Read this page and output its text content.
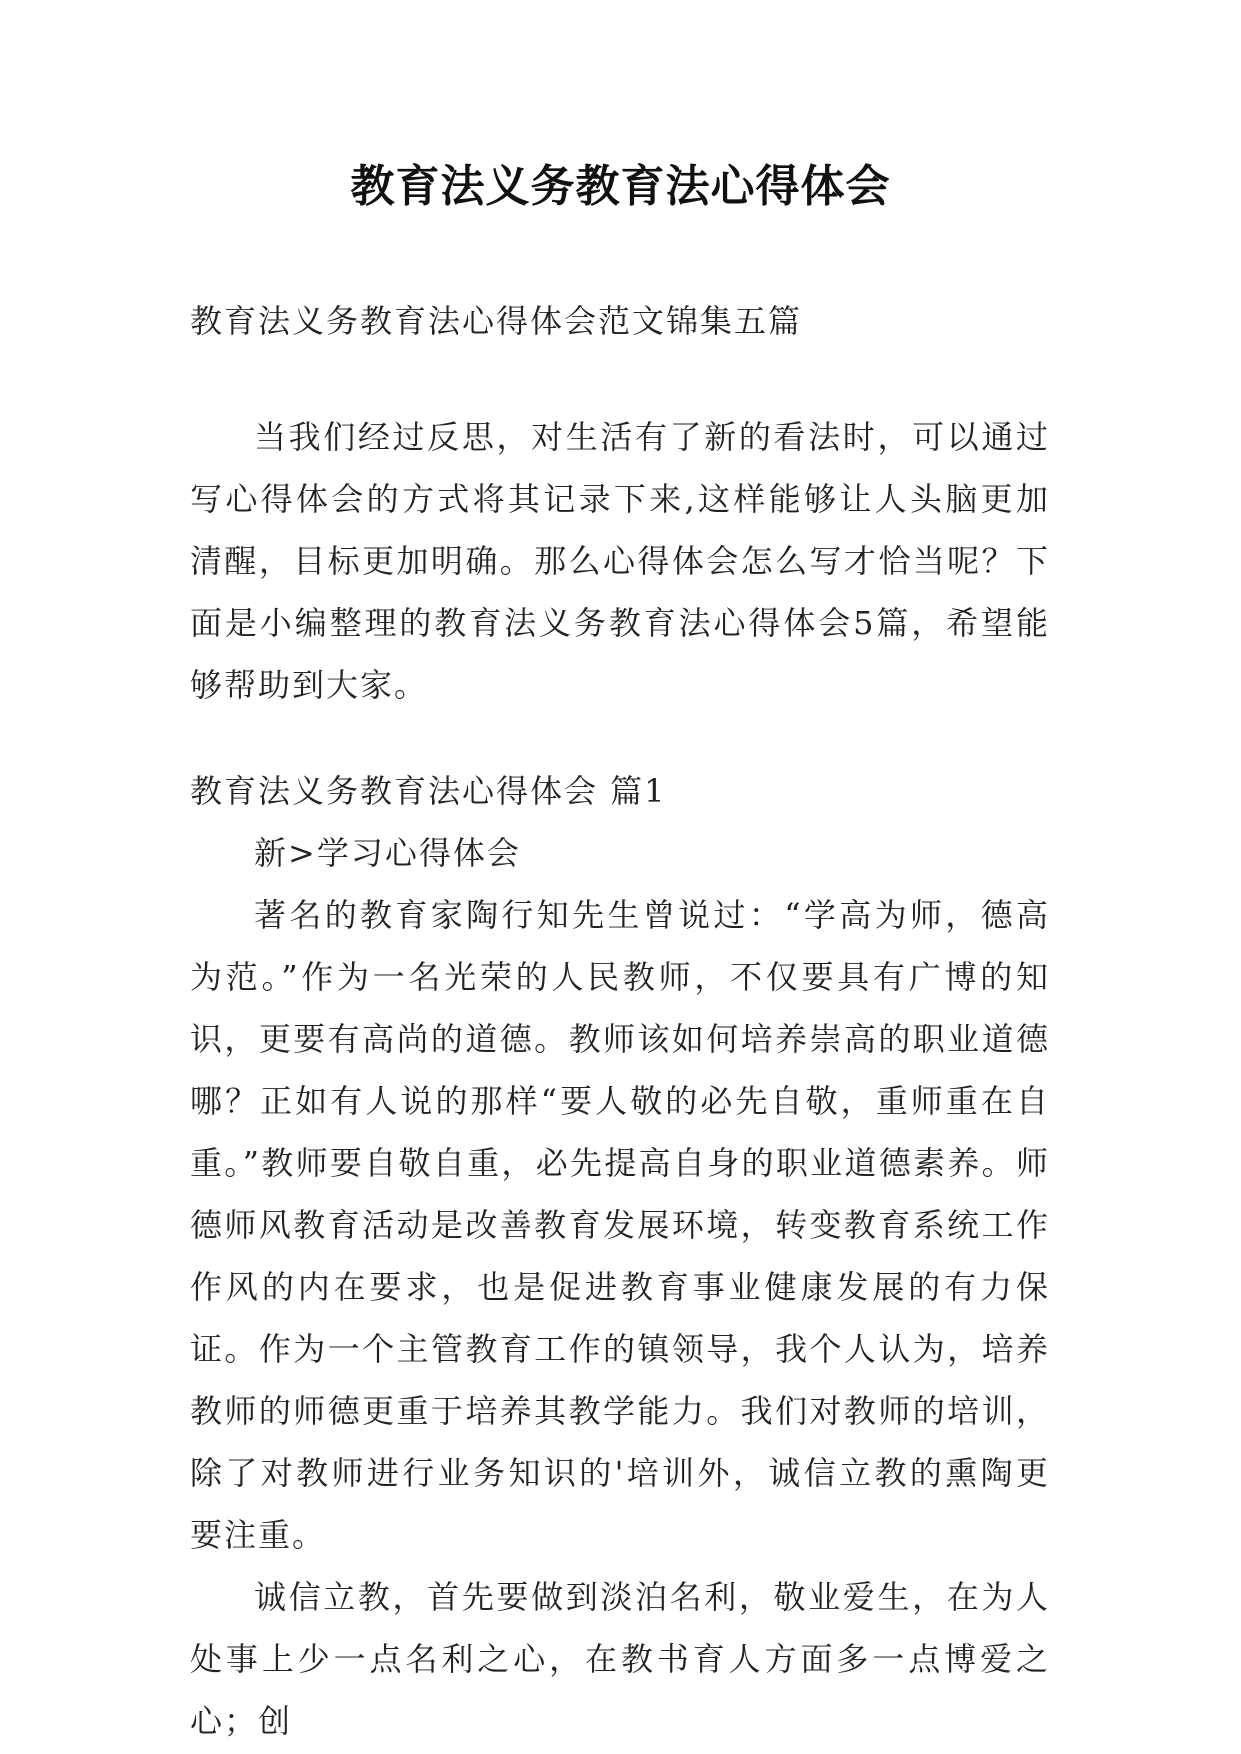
教育法义务教育法心得体会

教育法义务教育法心得体会范文锦集五篇

当我们经过反思，对生活有了新的看法时，可以通过写心得体会的方式将其记录下来,这样能够让人头脑更加清醒，目标更加明确。那么心得体会怎么写才恰当呢？下面是小编整理的教育法义务教育法心得体会5篇，希望能够帮助到大家。

教育法义务教育法心得体会 篇1

新>学习心得体会

著名的教育家陶行知先生曾说过：“学高为师，德高为范。”作为一名光荣的人民教师，不仅要具有广博的知识，更要有高尚的道德。教师该如何培养崇高的职业道德哪？正如有人说的那样“要人敬的必先自敬，重师重在自重。”教师要自敬自重，必先提高自身的职业道德素养。师德师风教育活动是改善教育发展环境，转变教育系统工作作风的内在要求，也是促进教育事业健康发展的有力保证。作为一个主管教育工作的镇领导，我个人认为，培养教师的师德更重于培养其教学能力。我们对教师的培训，除了对教师进行业务知识的'培训外，诚信立教的熏陶更要注重。

诚信立教，首先要做到淡泊名利，敬业爱生，在为人处事上少一点名利之心，在教书育人方面多一点博爱之心；创
